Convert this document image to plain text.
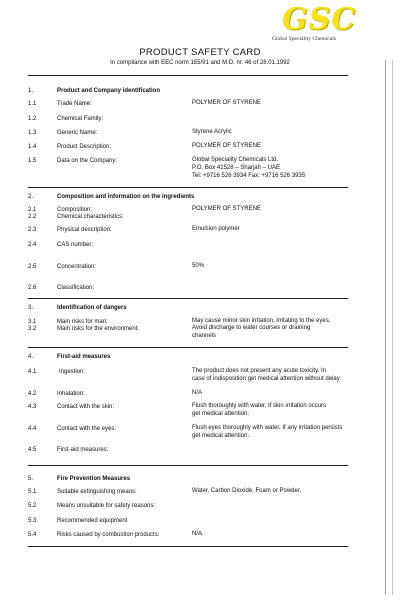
GSC
Global Speciality Chemicals
PRODUCT SAFETY CARD
In compliance with EEC norm 155/91 and M.D. nr. 46 of 28.01.1992
1.	Product and Company identification
1.1	Trade Name:	POLYMER OF STYRENE
1.2	Chemical Family:
1.3	Generic Name:	Styrene Acrylic
1.4	Product Description:	POLYMER OF STYRENE
1.5	Data on the Company:	Global Speciality Chemicals Ltd.
P.O. Box 41528 – Sharjah – UAE
Tel: +9716 526 3934 Fax: +9716 526 3935
2.	Composition and information on the ingredients
2.1	Composition:	POLYMER OF STYRENE
2.2	Chemical characteristics:
2.3	Physical description:	Emulsion polymer
2.4	CAS number:
2.5	Concentration:	50%
2.6	Classification:
3.	Identification of dangers
3.1	Main risks for man:	May cause minor skin irritation, irritating to the eyes.
3.2	Main risks for the environment.	Avoid discharge to water courses or draining
channels
4.	First-aid measures
4.1	Ingestion:	The product does not present any acute toxicity. In
case of indisposition get medical attention without delay
4.2	Inhalation:	N/A
4.3	Contact with the skin:	Flush thoroughly with water. If skin irritation occurs
get medical attention.
4.4	Contact with the eyes:	Flush eyes thoroughly with water. If any irritation persists
get medical attention.
4.5	First-aid measures:
5.	Fire Prevention Measures
5.1	Suitable extinguishing means:	Water, Carbon Dioxide, Foam or Powder.
5.2	Means unsuitable for safety reasons:
5.3	Recommended equipment
5.4	Risks caused by combustion products:	N/A
